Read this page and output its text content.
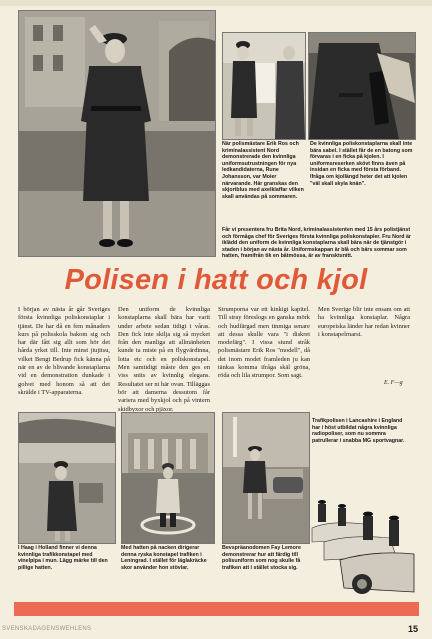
När polismästare Erik Ros och kriminalassistent Nord demonstrerade den kvinnliga uniformsutrustningen för nya ledkandidaterna, Rune Johansson, var Moier närvarande. Här granskas den skjortblus med axelklaffar vilken skall användas på sommaren.
De kvinnliga poliskonstaplarna skall inte bära sabel. I stället får de en batong som förvaras i en ficka på kjolen. I uniformsreserken skövt finns även på insidan en ficka med första förband. Ifråga om kjollängd heter det att kjolen "väl skall skyla knän".
Får vi presentera fru Brita Nord, kriminalassistenten med 15 års polistjänst och förmåga chef för Sveriges första kvinnliga poliskonstapler. Fru Nord är iklädd den uniform de kvinnliga konstaplarna skall bära när de tjänstgör i staden i början av nästa år. Uniformskappan är blå och bärs sommar som hatten, framifrån tik en båtmössa, är av fransktsnitt.
Polisen i hatt och kjol
I början av nästa år går Sveriges första kvinnliga poliskonstaplar i tjänst. De har då en fem månaders kurs på polisskola bakom sig och har där fått sig allt som hör det hårda yrket till. Inte minst jiujitsu, vilket Bengt Bedrup fick känna på när en av de blivande konstaplarna vid en demonstration dunkade i golvet med honom så att det skrälde i TV-apparaterna.
Den uniform de kvinnliga konstaplarna skall bära har varit under arbete sedan tidigt i våras. Den fick inte skilja sig så mycket från den manliga att allmänheten kunde ta miste på en flygvärdinna, lotta etc och en poliskonstapel. Men samtidigt måste den ges en viss snits av kvinnlig elegans. Resultatet ser ni här ovan. Tilläggas bör att damerna dessutom får variera med byxkjol och på vintern skidbyxor och pjäxor.
Strumporna var ett kinkigt kapitel. Till stray föreslogs en ganska mörk och hudfärgad men tinmiga senare att dessa skulle vara "i diskret modefärg". I vissa stund stråk polismästare Erik Ros "modell", då det inom modet framleden ju kan tänkas komma ifråga skäl gröna, röda och lila strumpor. Som sagt.
Men Sverige blir inte ensam om att ha kvinnliga konstaplar. Några europeiska länder har redan kvinner i konstapelrnarst.
E. F—g
I Haag i Holland finner vi denna kvinnliga trafikkonstapel med vinelpipa i mun. Lägg märke till den pillige hatten.
Med hatten på nacken dirigerar denna ryska konstapel trafiken i Leningrad. I stället för läglakräcke skor använder hon stövlar.
Bevspräanodomen Fay Lemore demonstrerar hur att färdig till polisuniform som nog skulle få trafiken att i stället stocka sig.
Trafikpolisen i Lancashire i England har i höst utbildat några kvinnliga radiopoliser, som nu sommra patrullerar i snabba MG sportvagnar.
SVENSKADAGENSWEHLENS	15
